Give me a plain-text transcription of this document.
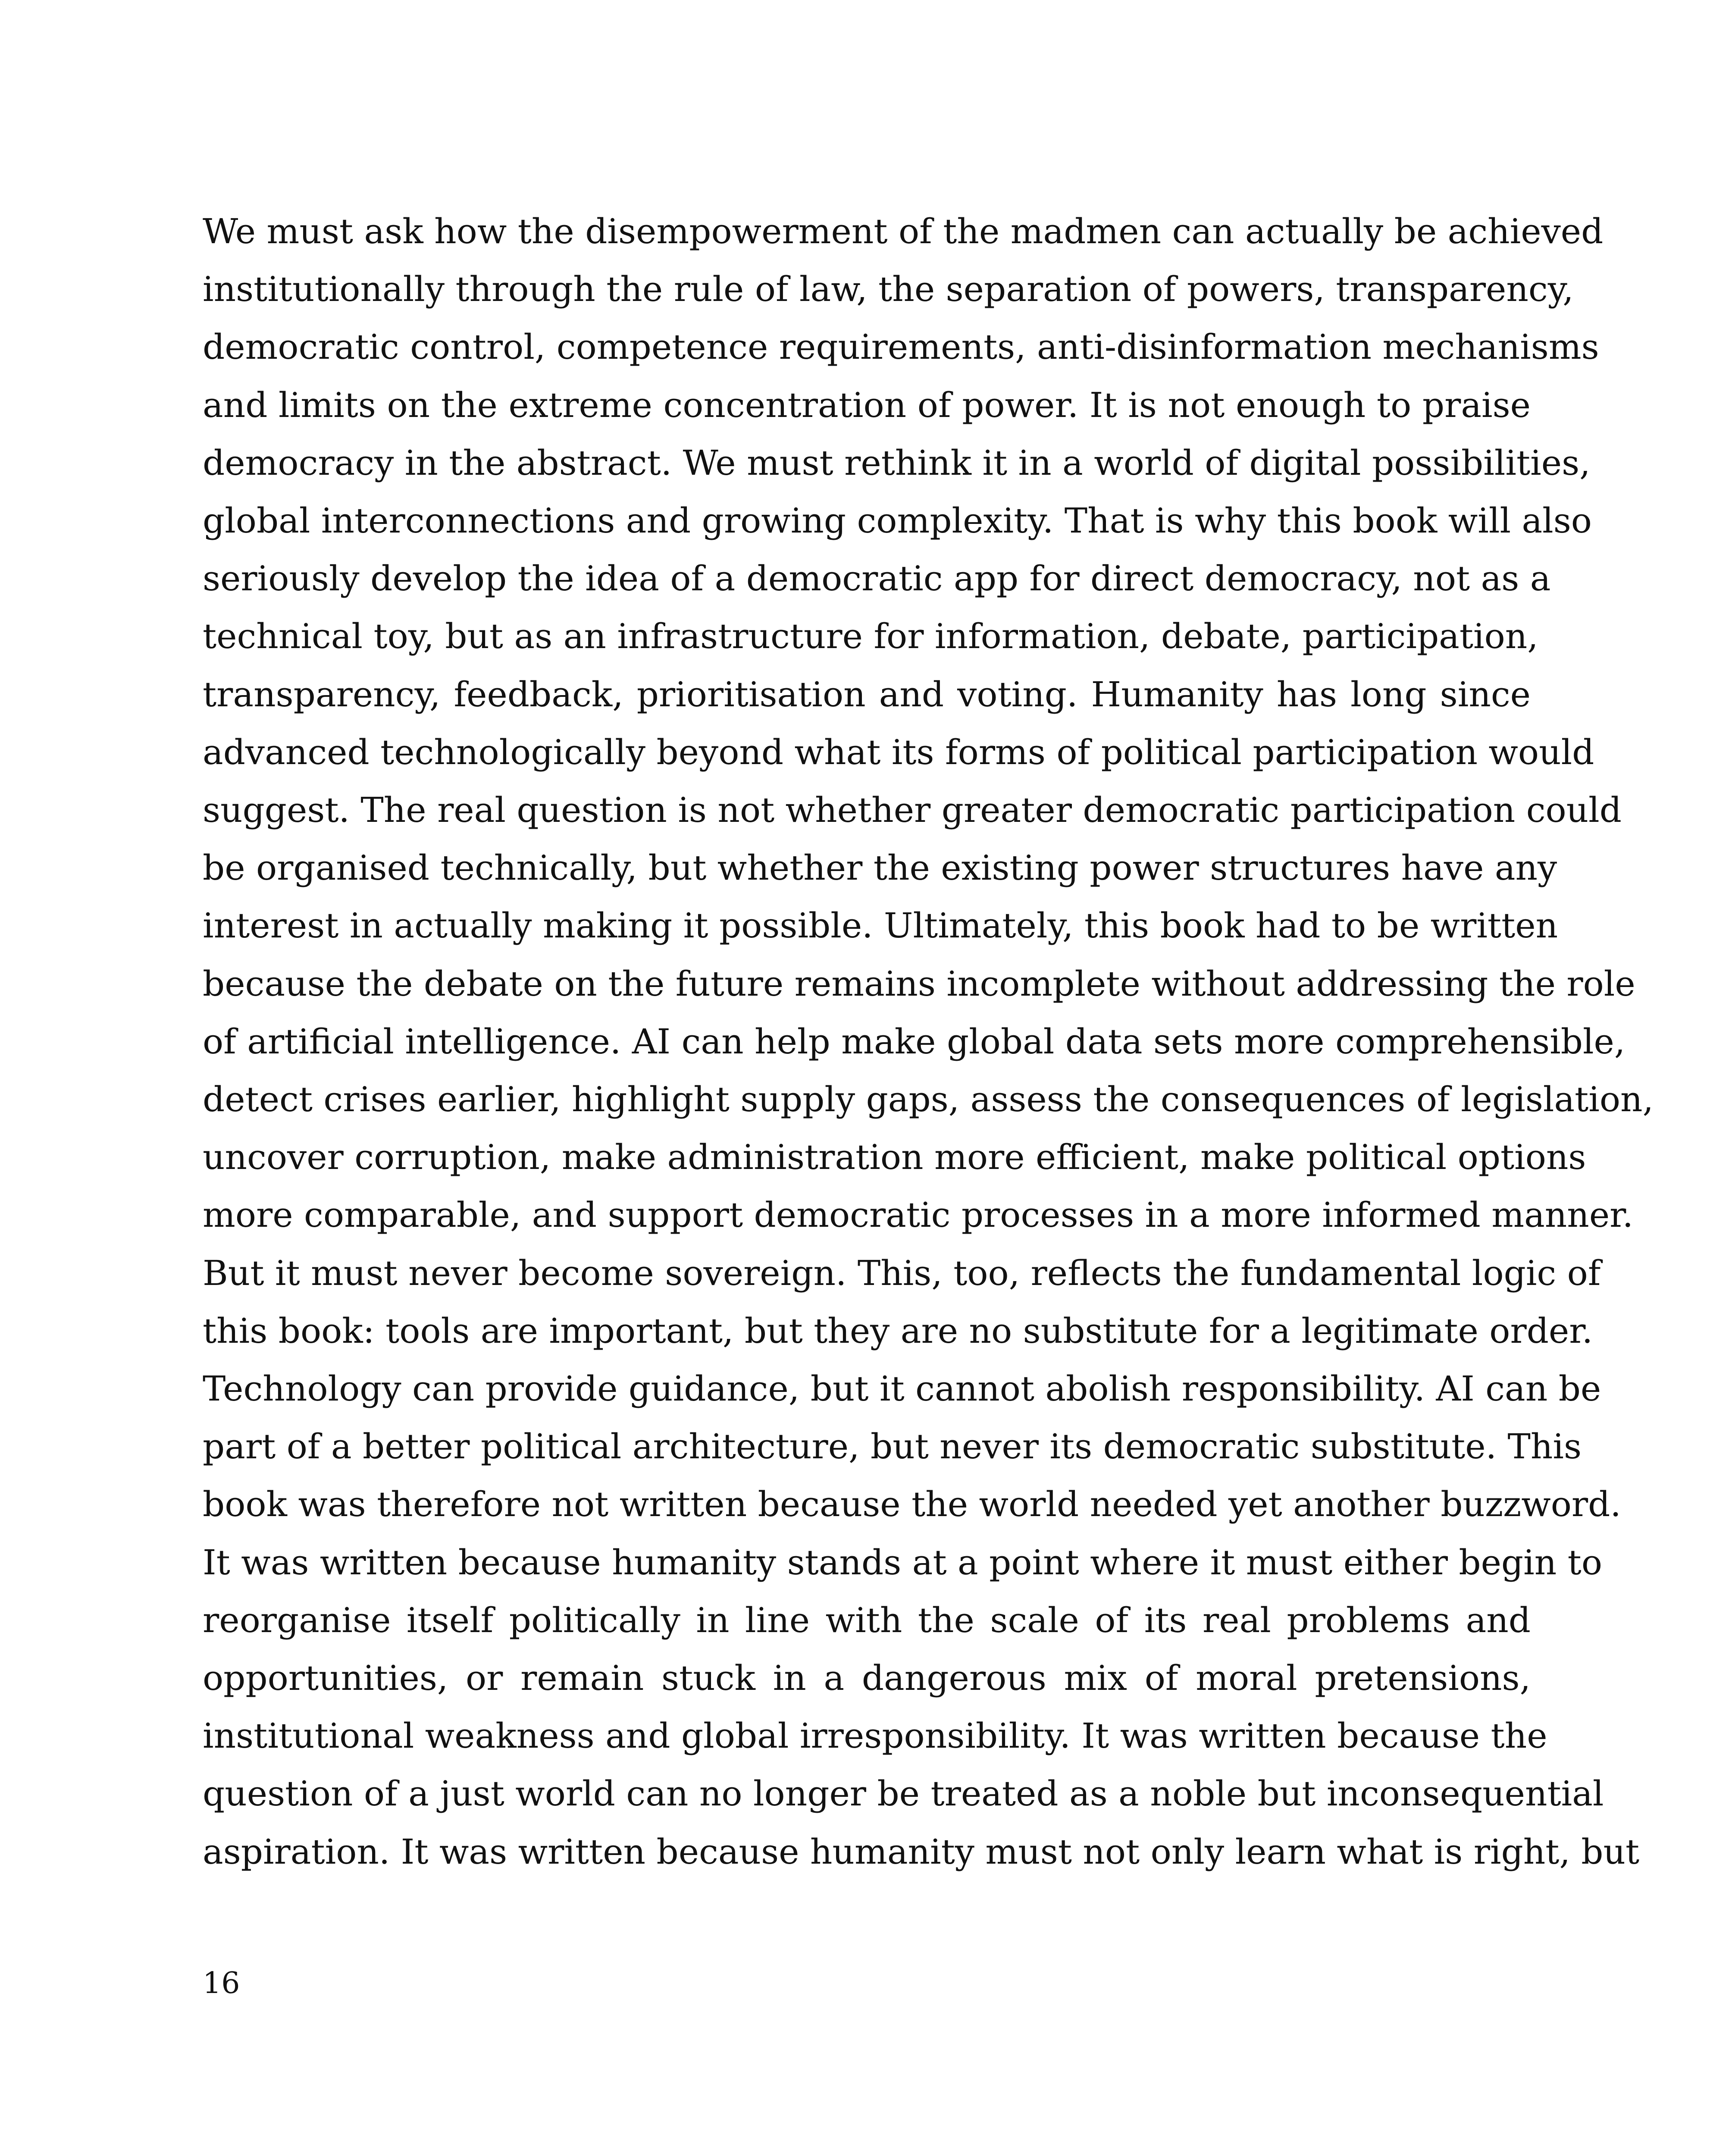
We must ask how the disempowerment of the madmen can actually be achieved
institutionally through the rule of law, the separation of powers, transparency,
democratic control, competence requirements, anti-disinformation mechanisms
and limits on the extreme concentration of power. It is not enough to praise
democracy in the abstract. We must rethink it in a world of digital possibilities,
global interconnections and growing complexity. That is why this book will also
seriously develop the idea of a democratic app for direct democracy, not as a
technical toy, but as an infrastructure for information, debate, participation,
transparency, feedback, prioritisation and voting. Humanity has long since
advanced technologically beyond what its forms of political participation would
suggest. The real question is not whether greater democratic participation could
be organised technically, but whether the existing power structures have any
interest in actually making it possible. Ultimately, this book had to be written
because the debate on the future remains incomplete without addressing the role
of artificial intelligence. AI can help make global data sets more comprehensible,
detect crises earlier, highlight supply gaps, assess the consequences of legislation,
uncover corruption, make administration more efficient, make political options
more comparable, and support democratic processes in a more informed manner.
But it must never become sovereign. This, too, reflects the fundamental logic of
this book: tools are important, but they are no substitute for a legitimate order.
Technology can provide guidance, but it cannot abolish responsibility. AI can be
part of a better political architecture, but never its democratic substitute. This
book was therefore not written because the world needed yet another buzzword.
It was written because humanity stands at a point where it must either begin to
reorganise itself politically in line with the scale of its real problems and
opportunities, or remain stuck in a dangerous mix of moral pretensions,
institutional weakness and global irresponsibility. It was written because the
question of a just world can no longer be treated as a noble but inconsequential
aspiration. It was written because humanity must not only learn what is right, but

16
